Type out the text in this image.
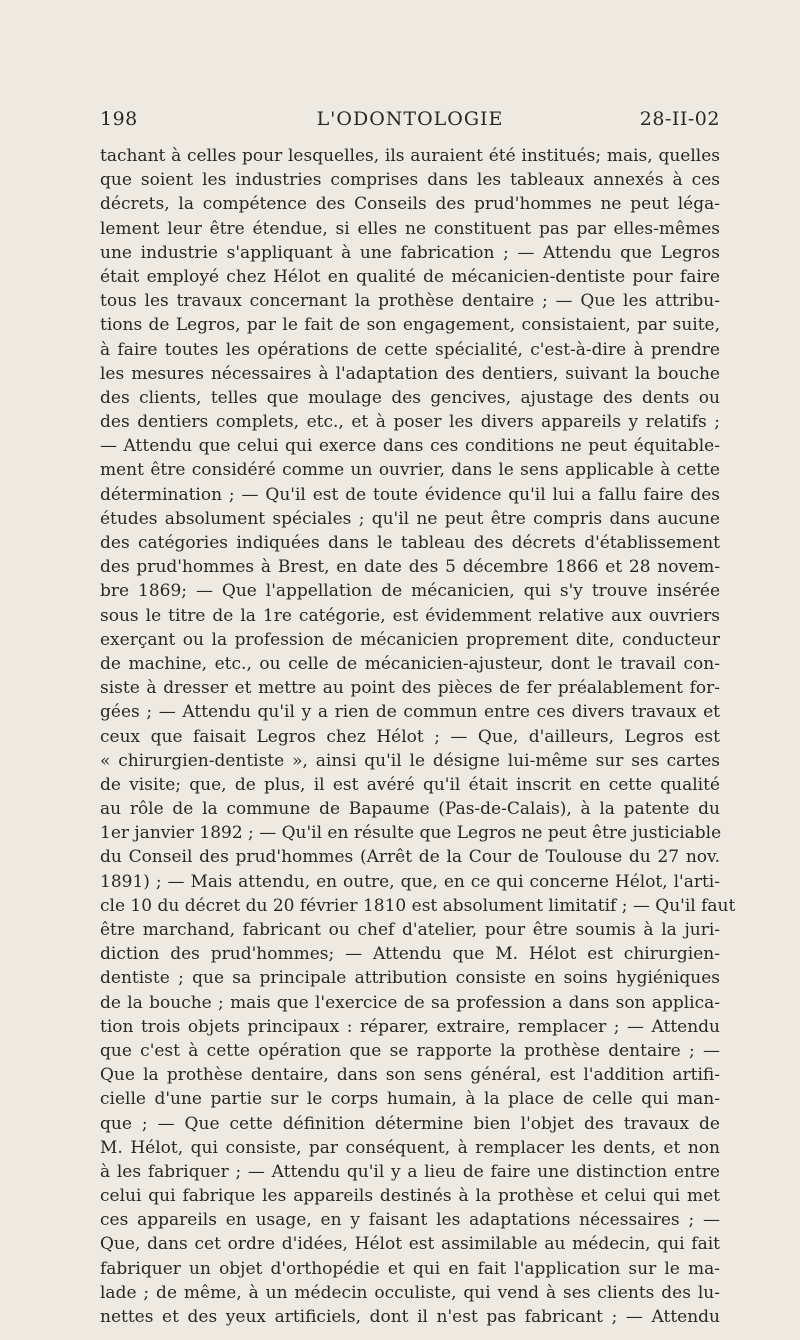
198	L'ODONTOLOGIE	28-II-02
tachant à celles pour lesquelles, ils auraient été institués; mais, quelles
que soient les industries comprises dans les tableaux annexés à ces
décrets, la compétence des Conseils des prud'hommes ne peut léga-
lement leur être étendue, si elles ne constituent pas par elles-mêmes
une industrie s'appliquant à une fabrication ; — Attendu que Legros
était employé chez Hélot en qualité de mécanicien-dentiste pour faire
tous les travaux concernant la prothèse dentaire ; — Que les attribu-
tions de Legros, par le fait de son engagement, consistaient, par suite,
à faire toutes les opérations de cette spécialité, c'est-à-dire à prendre
les mesures nécessaires à l'adaptation des dentiers, suivant la bouche
des clients, telles que moulage des gencives, ajustage des dents ou
des dentiers complets, etc., et à poser les divers appareils y relatifs ;
— Attendu que celui qui exerce dans ces conditions ne peut équitable-
ment être considéré comme un ouvrier, dans le sens applicable à cette
détermination ; — Qu'il est de toute évidence qu'il lui a fallu faire des
études absolument spéciales ; qu'il ne peut être compris dans aucune
des catégories indiquées dans le tableau des décrets d'établissement
des prud'hommes à Brest, en date des 5 décembre 1866 et 28 novem-
bre 1869; — Que l'appellation de mécanicien, qui s'y trouve insérée
sous le titre de la 1re catégorie, est évidemment relative aux ouvriers
exerçant ou la profession de mécanicien proprement dite, conducteur
de machine, etc., ou celle de mécanicien-ajusteur, dont le travail con-
siste à dresser et mettre au point des pièces de fer préalablement for-
gées ; — Attendu qu'il y a rien de commun entre ces divers travaux et
ceux que faisait Legros chez Hélot ; — Que, d'ailleurs, Legros est
« chirurgien-dentiste », ainsi qu'il le désigne lui-même sur ses cartes
de visite; que, de plus, il est avéré qu'il était inscrit en cette qualité
au rôle de la commune de Bapaume (Pas-de-Calais), à la patente du
1er janvier 1892 ; — Qu'il en résulte que Legros ne peut être justiciable
du Conseil des prud'hommes (Arrêt de la Cour de Toulouse du 27 nov.
1891) ; — Mais attendu, en outre, que, en ce qui concerne Hélot, l'arti-
cle 10 du décret du 20 février 1810 est absolument limitatif ; — Qu'il faut
être marchand, fabricant ou chef d'atelier, pour être soumis à la juri-
diction des prud'hommes; — Attendu que M. Hélot est chirurgien-
dentiste ; que sa principale attribution consiste en soins hygiéniques
de la bouche ; mais que l'exercice de sa profession a dans son applica-
tion trois objets principaux : réparer, extraire, remplacer ; — Attendu
que c'est à cette opération que se rapporte la prothèse dentaire ; —
Que la prothèse dentaire, dans son sens général, est l'addition artifi-
cielle d'une partie sur le corps humain, à la place de celle qui man-
que ; — Que cette définition détermine bien l'objet des travaux de
M. Hélot, qui consiste, par conséquent, à remplacer les dents, et non
à les fabriquer ; — Attendu qu'il y a lieu de faire une distinction entre
celui qui fabrique les appareils destinés à la prothèse et celui qui met
ces appareils en usage, en y faisant les adaptations nécessaires ; —
Que, dans cet ordre d'idées, Hélot est assimilable au médecin, qui fait
fabriquer un objet d'orthopédie et qui en fait l'application sur le ma-
lade ; de même, à un médecin occuliste, qui vend à ses clients des lu-
nettes et des yeux artificiels, dont il n'est pas fabricant ; — Attendu
